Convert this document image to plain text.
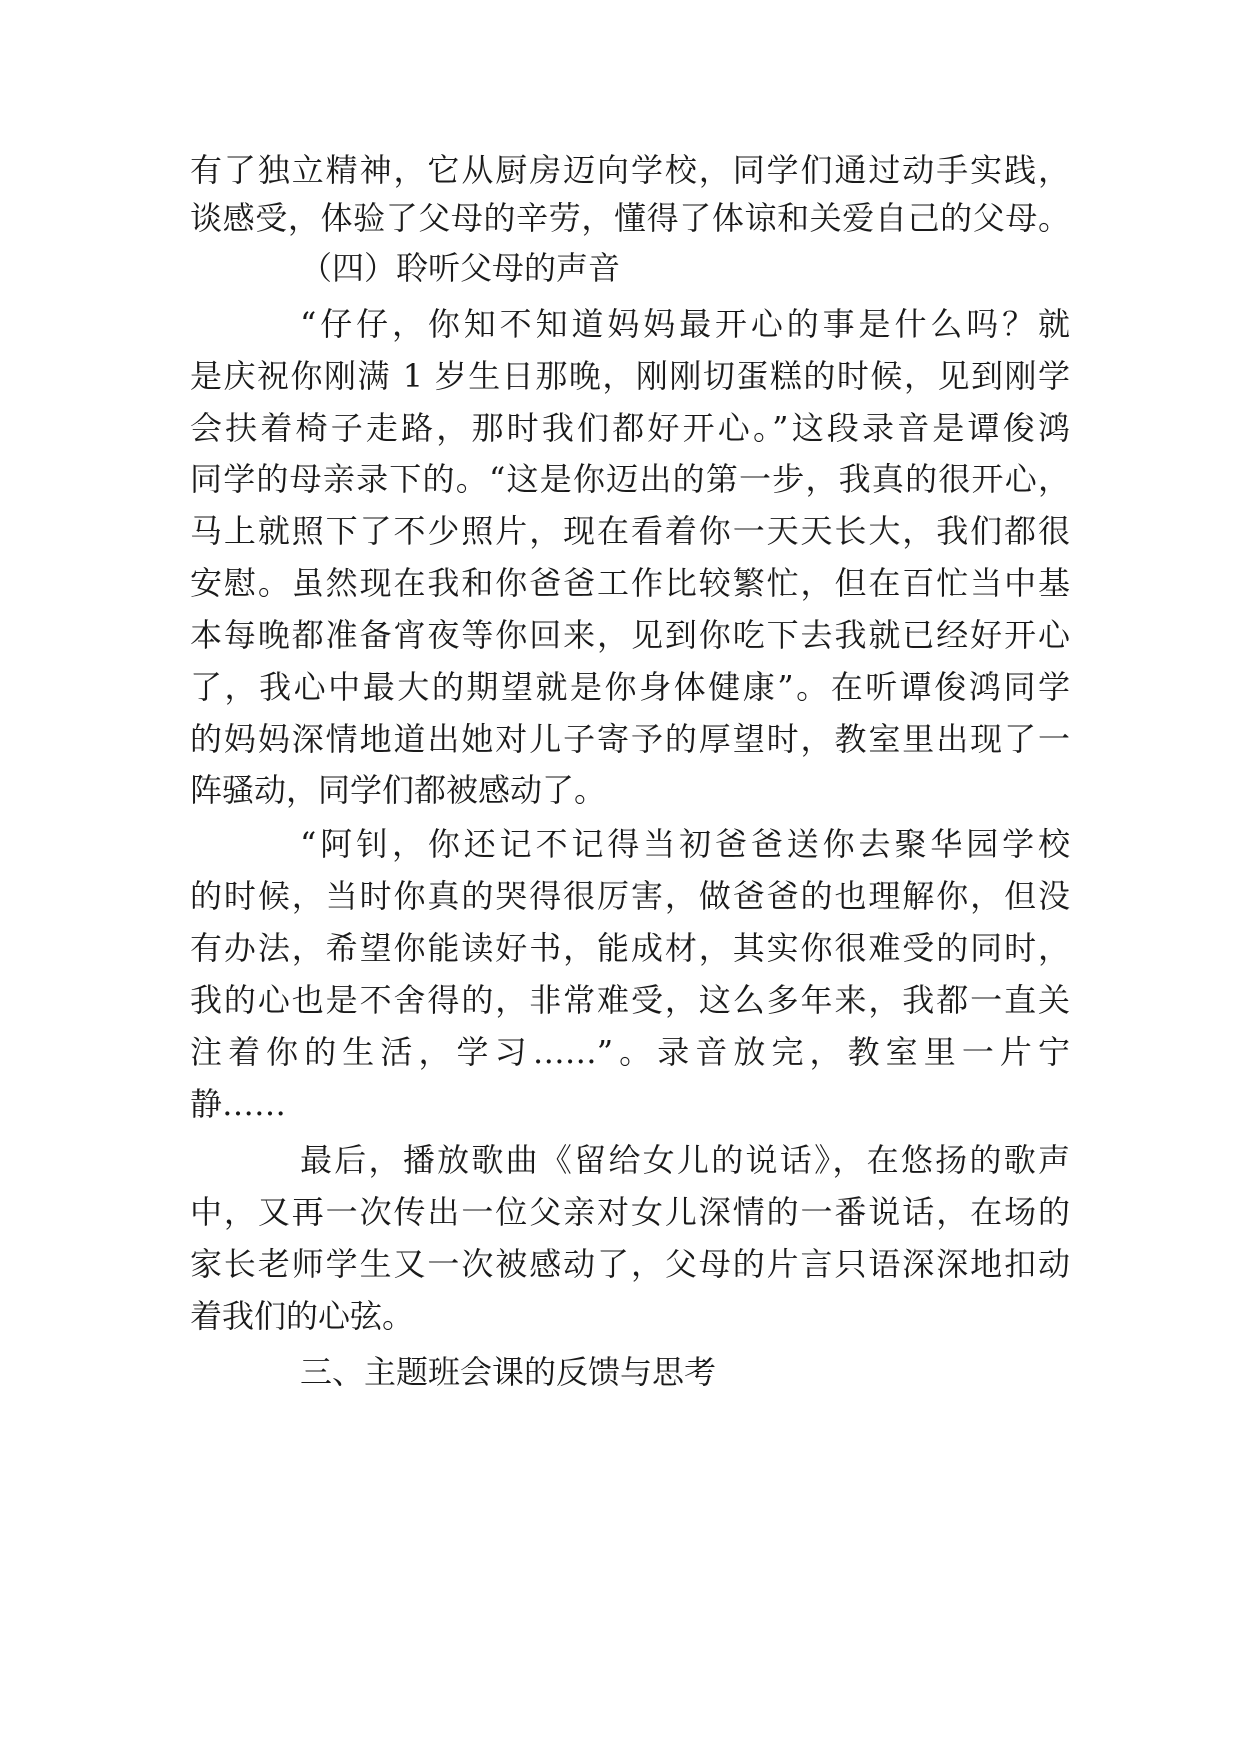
有了独立精神，它从厨房迈向学校，同学们通过动手实践，
谈感受，体验了父母的辛劳，懂得了体谅和关爱自己的父母。
（四）聆听父母的声音
“仔仔，你知不知道妈妈最开心的事是什么吗？就
是庆祝你刚满 1 岁生日那晚，刚刚切蛋糕的时候，见到刚学
会扶着椅子走路，那时我们都好开心。”这段录音是谭俊鸿
同学的母亲录下的。“这是你迈出的第一步，我真的很开心，
马上就照下了不少照片，现在看着你一天天长大，我们都很
安慰。虽然现在我和你爸爸工作比较繁忙，但在百忙当中基
本每晚都准备宵夜等你回来，见到你吃下去我就已经好开心
了，我心中最大的期望就是你身体健康”。在听谭俊鸿同学
的妈妈深情地道出她对儿子寄予的厚望时，教室里出现了一
阵骚动，同学们都被感动了。
“阿钊，你还记不记得当初爸爸送你去聚华园学校
的时候，当时你真的哭得很厉害，做爸爸的也理解你，但没
有办法，希望你能读好书，能成材，其实你很难受的同时，
我的心也是不舍得的，非常难受，这么多年来，我都一直关
注着你的生活，学习……”。录音放完，教室里一片宁
静……
最后，播放歌曲《留给女儿的说话》，在悠扬的歌声
中，又再一次传出一位父亲对女儿深情的一番说话，在场的
家长老师学生又一次被感动了，父母的片言只语深深地扣动
着我们的心弦。
三、主题班会课的反馈与思考
